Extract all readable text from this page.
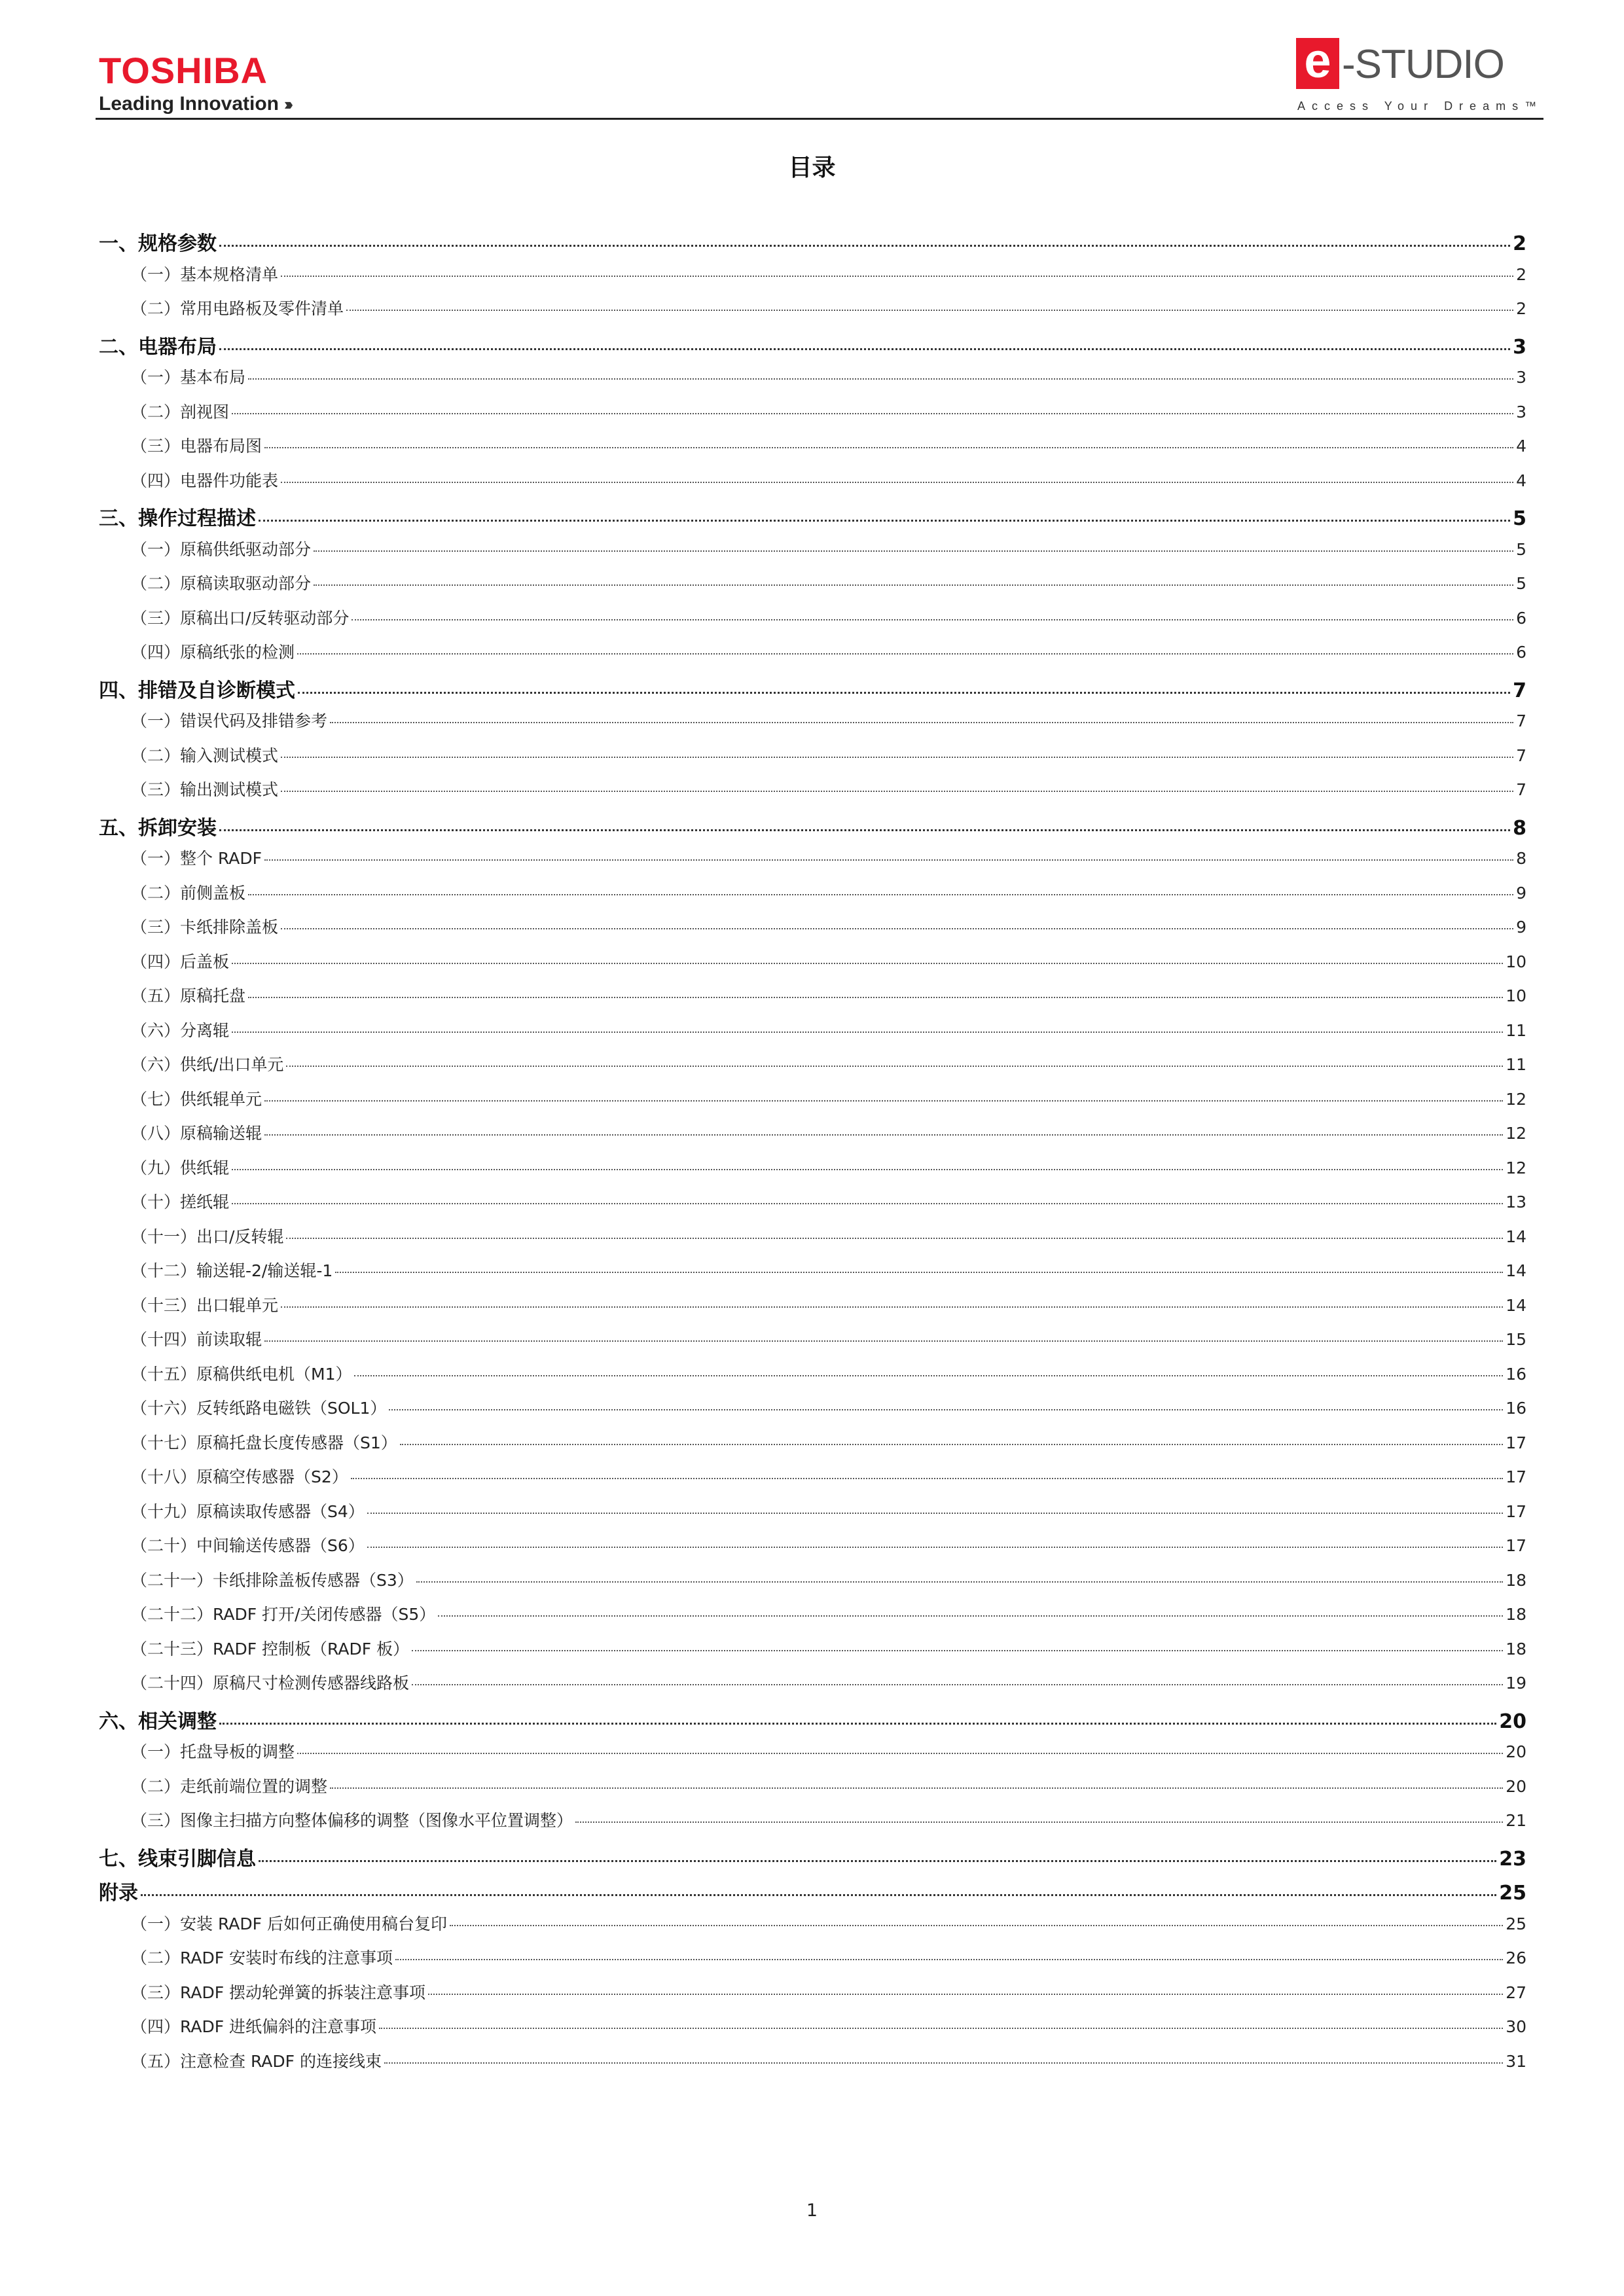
TOSHIBA
Leading Innovation ›››
e -STUDIO
Access Your Dreams™
目录
一、规格参数	2
（一）基本规格清单	2
（二）常用电路板及零件清单	2
二、电器布局	3
（一）基本布局	3
（二）剖视图	3
（三）电器布局图	4
（四）电器件功能表	4
三、操作过程描述	5
（一）原稿供纸驱动部分	5
（二）原稿读取驱动部分	5
（三）原稿出口/反转驱动部分	6
（四）原稿纸张的检测	6
四、排错及自诊断模式	7
（一）错误代码及排错参考	7
（二）输入测试模式	7
（三）输出测试模式	7
五、拆卸安装	8
（一）整个 RADF	8
（二）前侧盖板	9
（三）卡纸排除盖板	9
（四）后盖板	10
（五）原稿托盘	10
（六）分离辊	11
（六）供纸/出口单元	11
（七）供纸辊单元	12
（八）原稿输送辊	12
（九）供纸辊	12
（十）搓纸辊	13
（十一）出口/反转辊	14
（十二）输送辊-2/输送辊-1	14
（十三）出口辊单元	14
（十四）前读取辊	15
（十五）原稿供纸电机（M1）	16
（十六）反转纸路电磁铁（SOL1）	16
（十七）原稿托盘长度传感器（S1）	17
（十八）原稿空传感器（S2）	17
（十九）原稿读取传感器（S4）	17
（二十）中间输送传感器（S6）	17
（二十一）卡纸排除盖板传感器（S3）	18
（二十二）RADF 打开/关闭传感器（S5）	18
（二十三）RADF 控制板（RADF 板）	18
（二十四）原稿尺寸检测传感器线路板	19
六、相关调整	20
（一）托盘导板的调整	20
（二）走纸前端位置的调整	20
（三）图像主扫描方向整体偏移的调整（图像水平位置调整）	21
七、线束引脚信息	23
附录	25
（一）安装 RADF 后如何正确使用稿台复印	25
（二）RADF 安装时布线的注意事项	26
（三）RADF 摆动轮弹簧的拆装注意事项	27
（四）RADF 进纸偏斜的注意事项	30
（五）注意检查 RADF 的连接线束	31
1
